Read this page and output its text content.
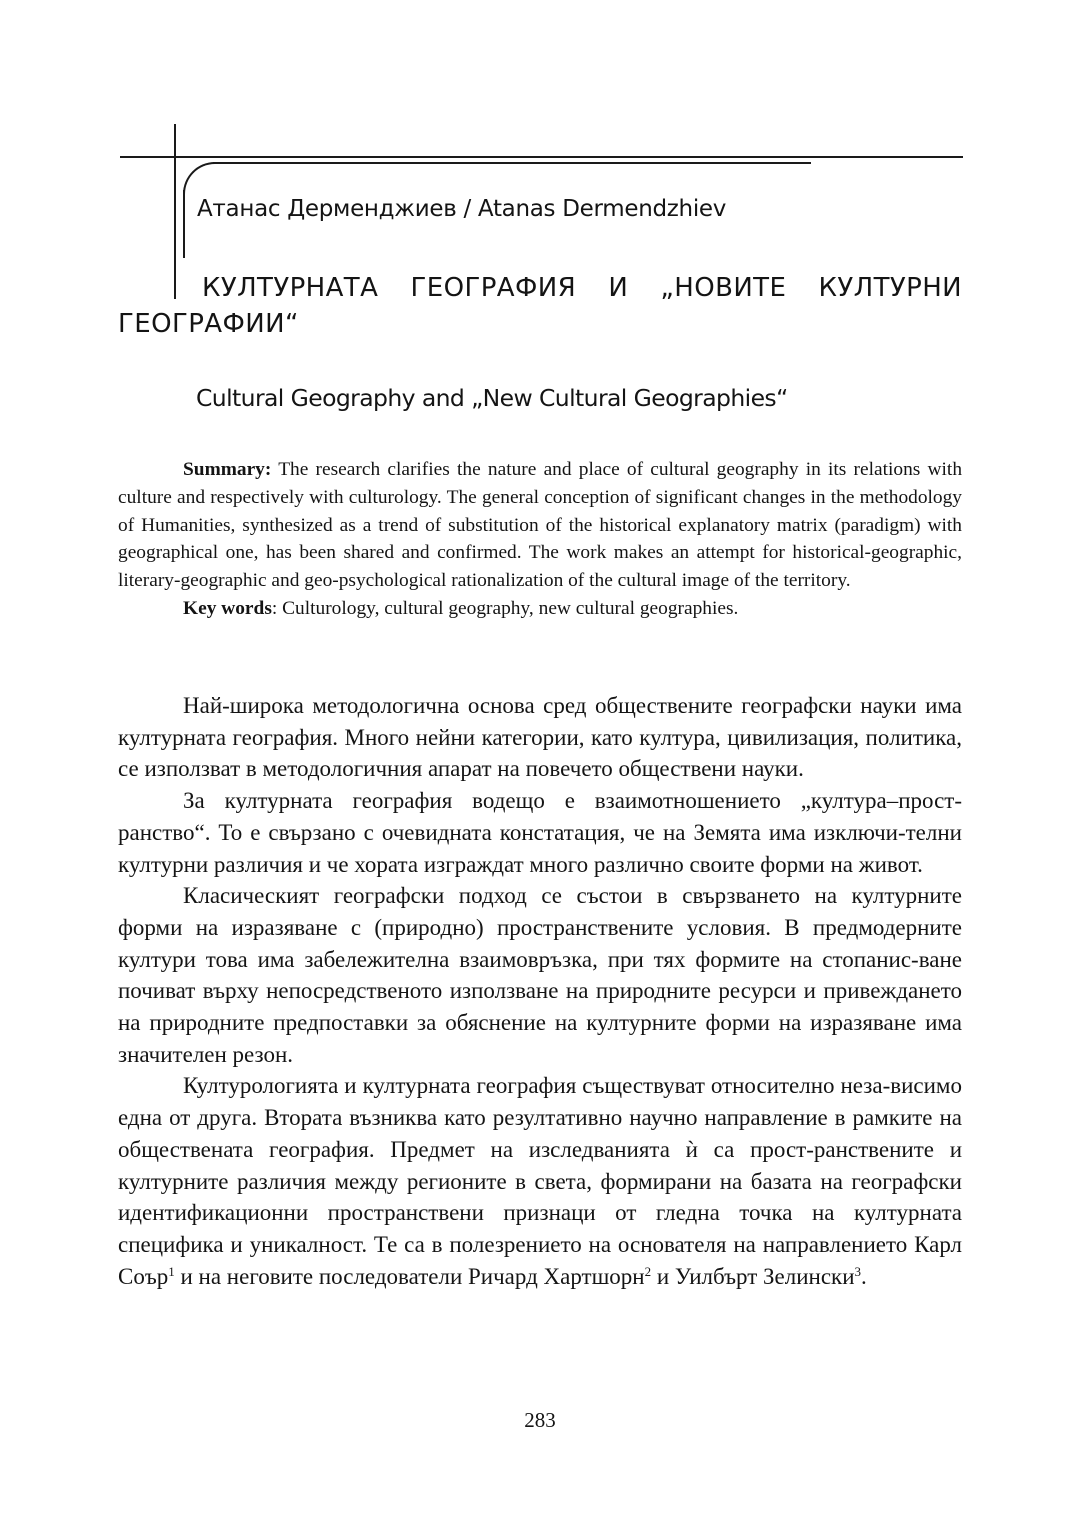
Атанас Дерменджиев / Atanas Dermendzhiev
КУЛТУРНАТА ГЕОГРАФИЯ И „НОВИТЕ КУЛТУРНИ
ГЕОГРАФИИ“
Cultural Geography and „New Cultural Geographies“

Summary: The research clarifies the nature and place of cultural geography in its relations with culture and respectively with culturology. The general conception of significant changes in the methodology of Humanities, synthesized as a trend of substitution of the historical explanatory matrix (paradigm) with geographical one, has been shared and confirmed. The work makes an attempt for historical-geographic, literary-geographic and geo-psychological rationalization of the cultural image of the territory.

Key words: Culturology, cultural geography, new cultural geographies.

Най-широка методологична основа сред обществените географски науки има културната география. Много нейни категории, като култура, цивилизация, политика, се използват в методологичния апарат на повечето обществени науки.

За културната география водещо е взаимотношението „култура–прост-ранство“. То е свързано с очевидната констатация, че на Земята има изключи-телни културни различия и че хората изграждат много различно своите форми на живот.

Класическият географски подход се състои в свързването на културните форми на изразяване с (природно) пространствените условия. В предмодерните култури това има забележителна взаимовръзка, при тях формите на стопанис-ване почиват върху непосредственото използване на природните ресурси и привеждането на природните предпоставки за обяснение на културните форми на изразяване има значителен резон.

Културологията и културната география съществуват относително неза-висимо една от друга. Втората възниква като резултативно научно направление в рамките на обществената география. Предмет на изследванията ѝ са прост-ранствените и културните различия между регионите в света, формирани на базата на географски идентификационни пространствени признаци от гледна точка на културната специфика и уникалност. Те са в полезрението на основателя на направлението Карл Соър$^1$ и на неговите последователи Ричард Хартшорн$^2$ и Уилбърт Зелински$^3$.

283
